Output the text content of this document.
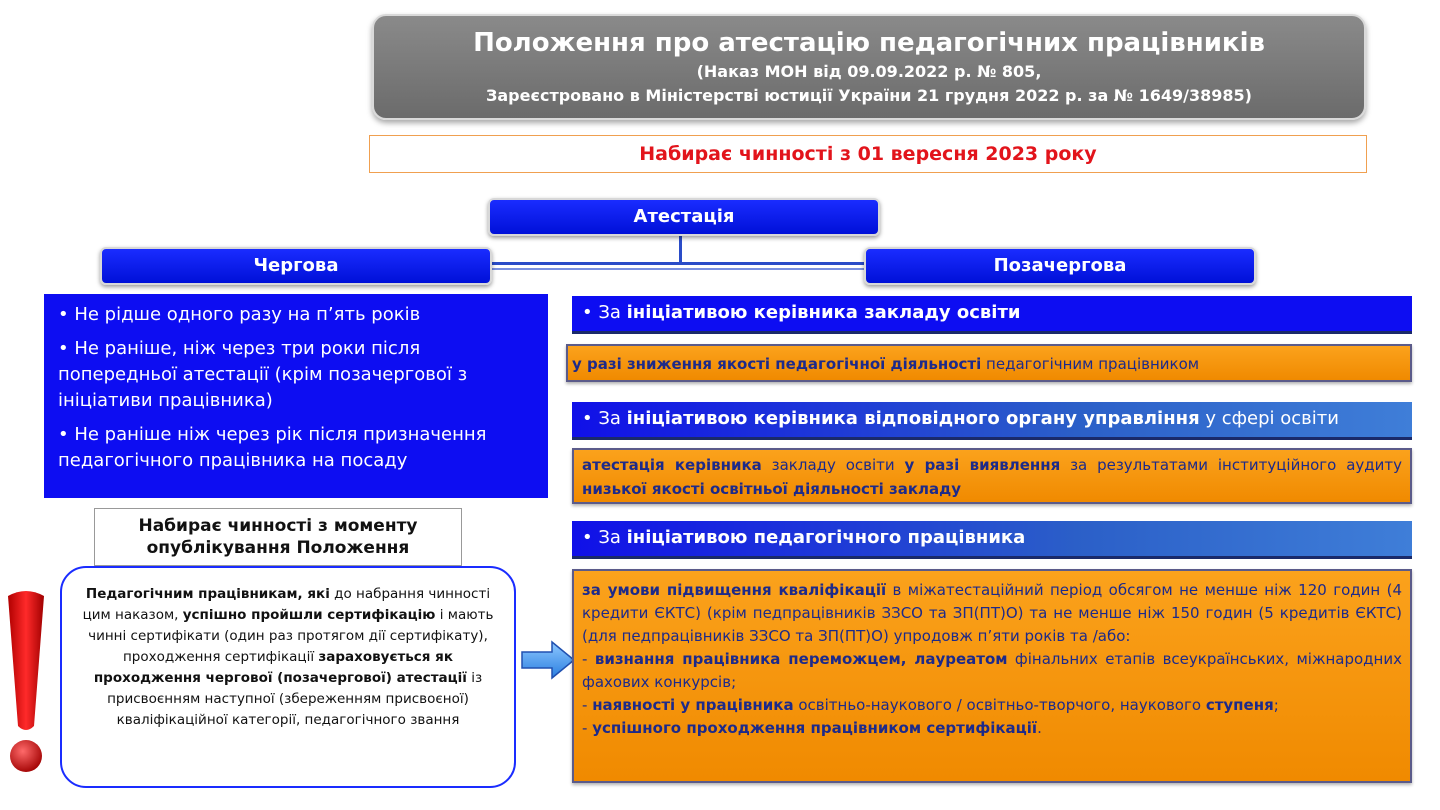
Положення про атестацію педагогічних працівників
(Наказ МОН від 09.09.2022 р. № 805,
Зареєстровано в Міністерстві юстиції України 21 грудня 2022 р. за № 1649/38985)
Набирає чинності з 01 вересня 2023 року
Атестація
Чергова	Позачергова

• Не рідше одного разу на п’ять років

• Не раніше, ніж через три роки після попередньої атестації (крім позачергової з ініціативи працівника)

• Не раніше ніж через рік після призначення педагогічного працівника на посаду

Набирає чинності з моменту
опублікування Положення
Педагогічним працівникам, які до набрання чинності цим наказом, успішно пройшли сертифікацію і мають чинні сертифікати (один раз протягом дії сертифікату), проходження сертифікації зараховується як проходження чергової (позачергової) атестації із присвоєнням наступної (збереженням присвоєної) кваліфікаційної категорії, педагогічного звання
• За ініціативою керівника закладу освіти
у разі зниження якості педагогічної діяльності педагогічним працівником
• За ініціативою керівника відповідного органу управління у сфері освіти
атестація керівника закладу освіти у разі виявлення за результатами інституційного аудиту низької якості освітньої діяльності закладу
• За ініціативою педагогічного працівника

за умови підвищення кваліфікації в міжатестаційний період обсягом не менше ніж 120 годин (4 кредити ЄКТС) (крім педпрацівників ЗЗСО та ЗП(ПТ)О) та не менше ніж 150 годин (5 кредитів ЄКТС) (для педпрацівників ЗЗСО та ЗП(ПТ)О) упродовж п’яти років та /або:

- визнання працівника переможцем, лауреатом фінальних етапів всеукраїнських, міжнародних фахових конкурсів;

- наявності у працівника освітньо-наукового / освітньо-творчого, наукового ступеня;

- успішного проходження працівником сертифікації.
